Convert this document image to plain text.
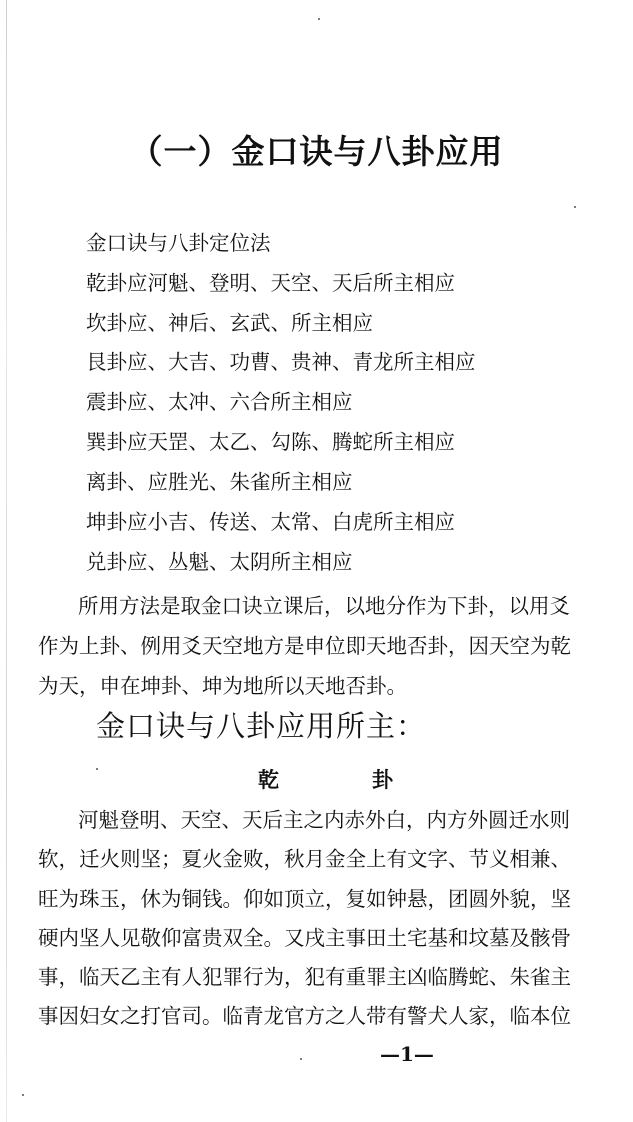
（一）金口诀与八卦应用
金口诀与八卦定位法
乾卦应河魁、登明、天空、天后所主相应
坎卦应、神后、玄武、所主相应
艮卦应、大吉、功曹、贵神、青龙所主相应
震卦应、太冲、六合所主相应
巽卦应天罡、太乙、勾陈、腾蛇所主相应
离卦、应胜光、朱雀所主相应
坤卦应小吉、传送、太常、白虎所主相应
兑卦应、丛魁、太阴所主相应
所用方法是取金口诀立课后，以地分作为下卦，以用爻
作为上卦、例用爻天空地方是申位即天地否卦，因天空为乾
为天，申在坤卦、坤为地所以天地否卦。
金口诀与八卦应用所主：
乾	卦
河魁登明、天空、天后主之内赤外白，内方外圆迁水则
软，迁火则坚；夏火金败，秋月金全上有文字、节义相兼、
旺为珠玉，休为铜钱。仰如顶立，复如钟悬，团圆外貌，坚
硬内坚人见敬仰富贵双全。又戌主事田土宅基和坟墓及骸骨
事，临天乙主有人犯罪行为，犯有重罪主凶临腾蛇、朱雀主
事因妇女之打官司。临青龙官方之人带有警犬人家，临本位
—1—
